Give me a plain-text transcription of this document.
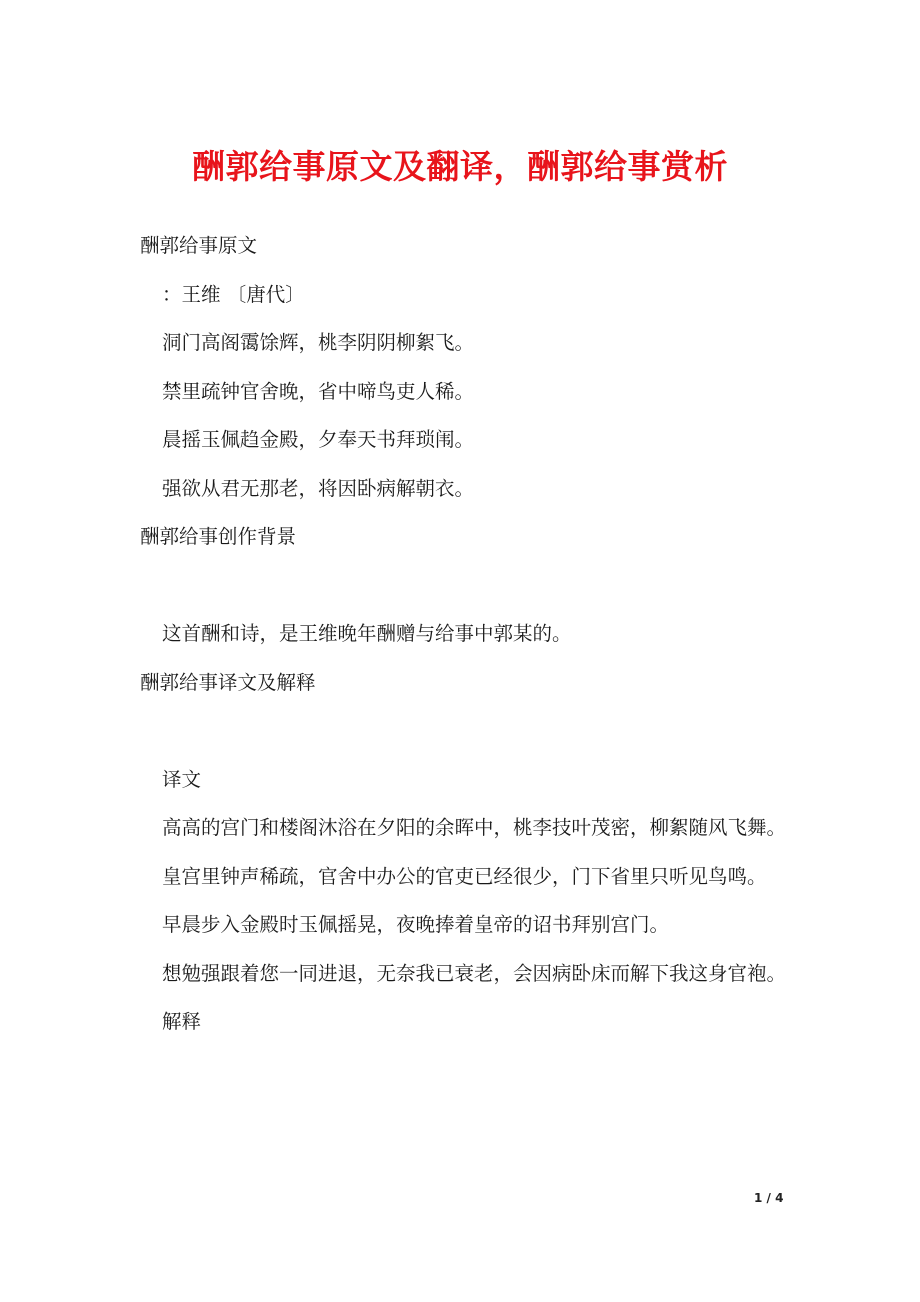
酬郭给事原文及翻译，酬郭给事赏析

酬郭给事原文

：王维 〔唐代〕

洞门高阁霭馀辉，桃李阴阴柳絮飞。

禁里疏钟官舍晚，省中啼鸟吏人稀。

晨摇玉佩趋金殿，夕奉天书拜琐闱。

强欲从君无那老，将因卧病解朝衣。

酬郭给事创作背景

这首酬和诗，是王维晚年酬赠与给事中郭某的。

酬郭给事译文及解释

译文

高高的宫门和楼阁沐浴在夕阳的余晖中，桃李技叶茂密，柳絮随风飞舞。

皇宫里钟声稀疏，官舍中办公的官吏已经很少，门下省里只听见鸟鸣。

早晨步入金殿时玉佩摇晃，夜晚捧着皇帝的诏书拜别宫门。

想勉强跟着您一同进退，无奈我已衰老，会因病卧床而解下我这身官袍。

解释

1 / 4
